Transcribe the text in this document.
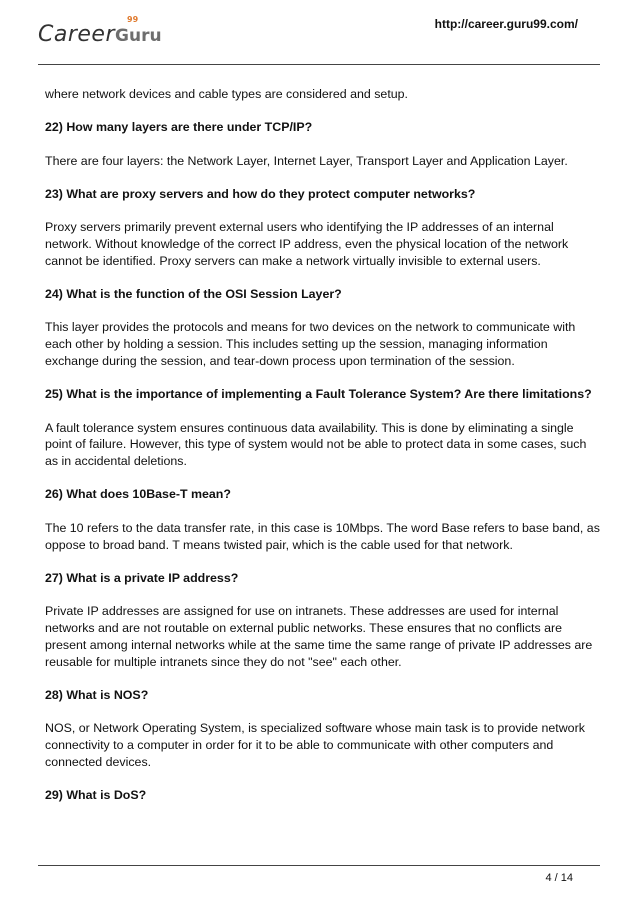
CareerGuru
99	http://career.guru99.com/

where network devices and cable types are considered and setup.

22) How many layers are there under TCP/IP?

There are four layers: the Network Layer, Internet Layer, Transport Layer and Application Layer.

23) What are proxy servers and how do they protect computer networks?

Proxy servers primarily prevent external users who identifying the IP addresses of an internal network. Without knowledge of the correct IP address, even the physical location of the network cannot be identified. Proxy servers can make a network virtually invisible to external users.

24) What is the function of the OSI Session Layer?

This layer provides the protocols and means for two devices on the network to communicate with each other by holding a session. This includes setting up the session, managing information exchange during the session, and tear-down process upon termination of the session.

25) What is the importance of implementing a Fault Tolerance System? Are there limitations?

A fault tolerance system ensures continuous data availability. This is done by eliminating a single point of failure. However, this type of system would not be able to protect data in some cases, such as in accidental deletions.

26) What does 10Base-T mean?

The 10 refers to the data transfer rate, in this case is 10Mbps. The word Base refers to base band, as oppose to broad band. T means twisted pair, which is the cable used for that network.

27) What is a private IP address?

Private IP addresses are assigned for use on intranets. These addresses are used for internal networks and are not routable on external public networks. These ensures that no conflicts are present among internal networks while at the same time the same range of private IP addresses are reusable for multiple intranets since they do not "see" each other.

28) What is NOS?

NOS, or Network Operating System, is specialized software whose main task is to provide network connectivity to a computer in order for it to be able to communicate with other computers and connected devices.

29) What is DoS?
4 / 14
